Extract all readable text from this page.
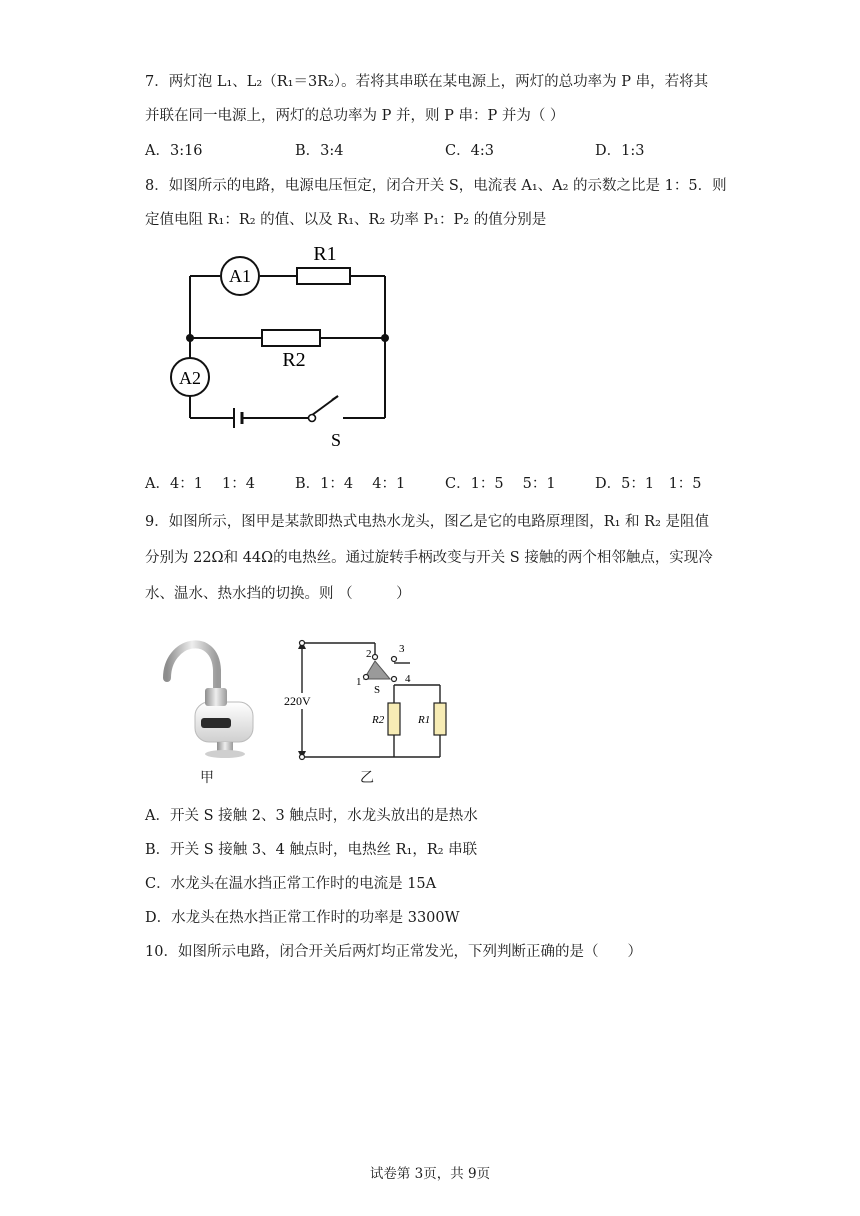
7．两灯泡 L₁、L₂（R₁＝3R₂）。若将其串联在某电源上，两灯的总功率为 P 串，若将其
并联在同一电源上，两灯的总功率为 P 并，则 P 串：P 并为（ ）
A．3:16	B．3:4	C．4:3	D．1:3
8．如图所示的电路，电源电压恒定，闭合开关 S，电流表 A₁、A₂ 的示数之比是 1：5．则
定值电阻 R₁：R₂ 的值、以及 R₁、R₂ 功率 P₁：P₂ 的值分别是
A1
R1
R2
A2
S
A．4：1　 1：4	B．1：4　 4：1	C．1：5　 5：1	D．5：1　1：5
9．如图所示，图甲是某款即热式电热水龙头，图乙是它的电路原理图，R₁ 和 R₂ 是阻值
分别为 22Ω和 44Ω的电热丝。通过旋转手柄改变与开关 S 接触的两个相邻触点，实现冷
水、温水、热水挡的切换。则 （　　　）
甲
220V
1
2	3
4
S
R2	R1
乙
A．开关 S 接触 2、3 触点时，水龙头放出的是热水
B．开关 S 接触 3、4 触点时，电热丝 R₁，R₂ 串联
C．水龙头在温水挡正常工作时的电流是 15A
D．水龙头在热水挡正常工作时的功率是 3300W
10．如图所示电路，闭合开关后两灯均正常发光，下列判断正确的是（　　）
试卷第 3页，共 9页
